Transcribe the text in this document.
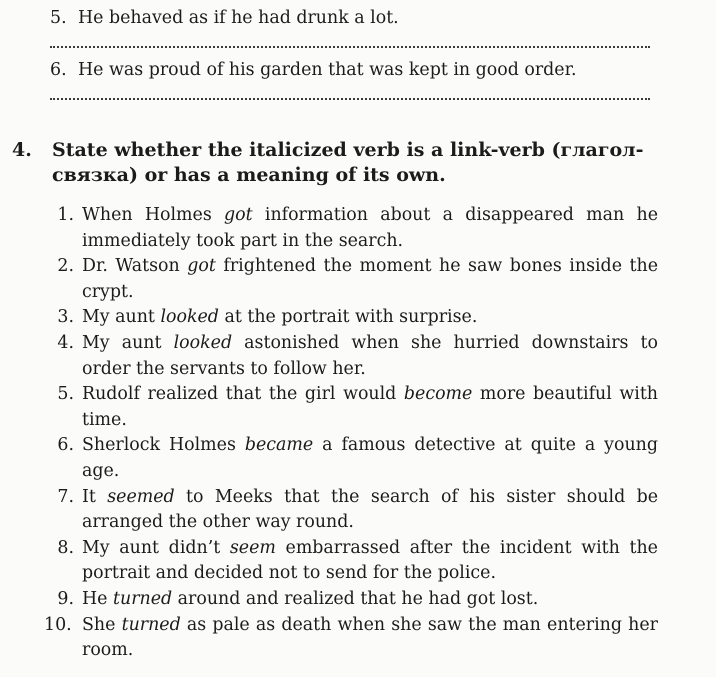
5. He behaved as if he had drunk a lot.
6. He was proud of his garden that was kept in good order.
4. State whether the italicized verb is a link-verb (глагол-связка) or has a meaning of its own.
1. When Holmes got information about a disappeared man he immediately took part in the search.
2. Dr. Watson got frightened the moment he saw bones inside the crypt.
3. My aunt looked at the portrait with surprise.
4. My aunt looked astonished when she hurried downstairs to order the servants to follow her.
5. Rudolf realized that the girl would become more beautiful with time.
6. Sherlock Holmes became a famous detective at quite a young age.
7. It seemed to Meeks that the search of his sister should be arranged the other way round.
8. My aunt didn’t seem embarrassed after the incident with the portrait and decided not to send for the police.
9. He turned around and realized that he had got lost.
10. She turned as pale as death when she saw the man entering her room.
